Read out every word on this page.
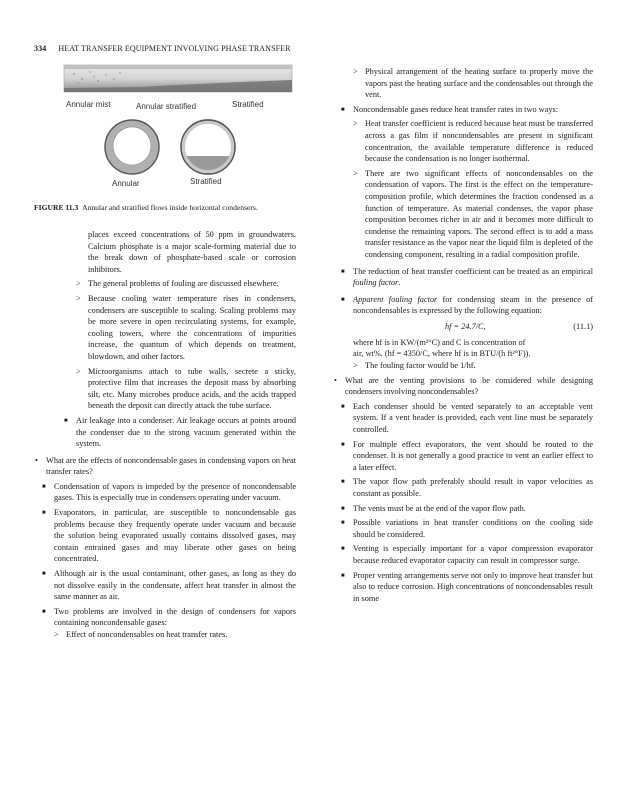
334 HEAT TRANSFER EQUIPMENT INVOLVING PHASE TRANSFER
Annular mist	Annular stratified	Stratified
Annular	Stratified
FIGURE 11.3 Annular and stratified flows inside horizontal condensers.

places exceed concentrations of 50 ppm in groundwaters. Calcium phosphate is a major scale-forming material due to the break down of phosphate-based scale or corrosion inhibitors.

> The general problems of fouling are discussed elsewhere.

> Because cooling water temperature rises in condensers, condensers are susceptible to scaling. Scaling problems may be more severe in open recirculating systems, for example, cooling towers, where the concentrations of impurities increase, the quantum of which depends on treatment, blowdown, and other factors.

> Microorganisms attach to tube walls, secrete a sticky, protective film that increases the deposit mass by absorbing silt, etc. Many microbes produce acids, and the acids trapped beneath the deposit can directly attack the tube surface.

■ Air leakage into a condenser. Air leakage occurs at points around the condenser due to the strong vacuum generated within the system.

• What are the effects of noncondensable gases in condensing vapors on heat transfer rates?

■ Condensation of vapors is impeded by the presence of noncondensable gases. This is especially true in condensers operating under vacuum.

■ Evaporators, in particular, are susceptible to noncondensable gas problems because they frequently operate under vacuum and because the solution being evaporated usually contains dissolved gases, may contain entrained gases and may liberate other gases on being concentrated.

■ Although air is the usual contaminant, other gases, as long as they do not dissolve easily in the condensate, affect heat transfer in almost the same manner as air.

■ Two problems are involved in the design of condensers for vapors containing noncondensable gases:

> Effect of noncondensables on heat transfer rates.

> Physical arrangement of the heating surface to properly move the vapors past the heating surface and the condensables out through the vent.

■ Noncondensable gases reduce heat transfer rates in two ways:

> Heat transfer coefficient is reduced because heat must be transferred across a gas film if noncondensables are present in significant concentration, the available temperature difference is reduced because the condensation is no longer isothermal.

> There are two significant effects of noncondensables on the condensation of vapors. The first is the effect on the temperature-composition profile, which determines the fraction condensed as a function of temperature. As material condenses, the vapor phase composition becomes richer in air and it becomes more difficult to condense the remaining vapors. The second effect is to add a mass transfer resistance as the vapor near the liquid film is depleted of the condensing component, resulting in a radial composition profile.

■ The reduction of heat transfer coefficient can be treated as an empirical fouling factor.

■ Apparent fouling factor for condensing steam in the presence of noncondensables is expressed by the following equation:

hf = 24.7/C,	(11.1)

where hf is in KW/(m²°C) and C is concentration of

air, wt%. (hf = 4350/C, where hf is in BTU/(h ft²°F)).

> The fouling factor would be 1/hf.

• What are the venting provisions to be considered while designing condensers involving noncondensables?

■ Each condenser should be vented separately to an acceptable vent system. If a vent header is provided, each vent line must be separately controlled.

■ For multiple effect evaporators, the vent should be routed to the condenser. It is not generally a good practice to vent an earlier effect to a later effect.

■ The vapor flow path preferably should result in vapor velocities as constant as possible.

■ The vents must be at the end of the vapor flow path.

■ Possible variations in heat transfer conditions on the cooling side should be considered.

■ Venting is especially important for a vapor compression evaporator because reduced evaporator capacity can result in compressor surge.

■ Proper venting arrangements serve not only to improve heat transfer but also to reduce corrosion. High concentrations of noncondensables result in some
